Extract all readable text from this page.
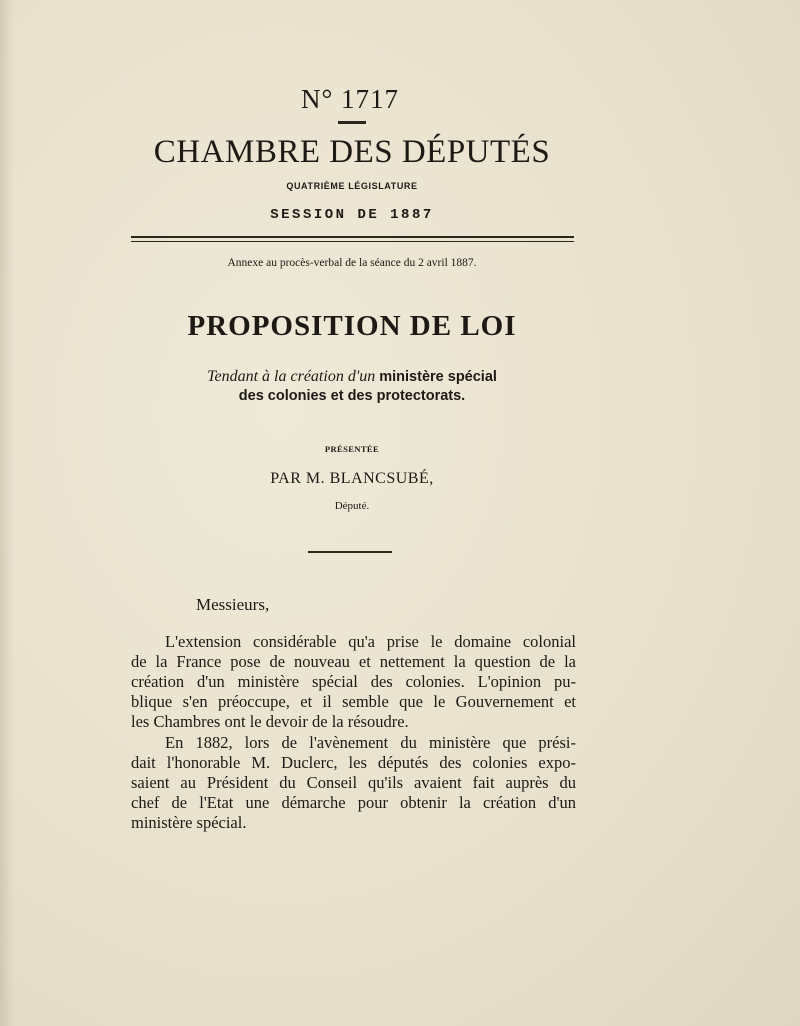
N° 1717
CHAMBRE DES DÉPUTÉS
QUATRIÈME LÉGISLATURE
SESSION DE 1887
Annexe au procès-verbal de la séance du 2 avril 1887.
PROPOSITION DE LOI
Tendant à la création d'un ministère spécial
des colonies et des protectorats.
PRÉSENTÉE
PAR M. BLANCSUBÉ,
Député.
Messieurs,
L'extension considérable qu'a prise le domaine colonial
de la France pose de nouveau et nettement la question de la
création d'un ministère spécial des colonies. L'opinion pu-
blique s'en préoccupe, et il semble que le Gouvernement et
les Chambres ont le devoir de la résoudre.
En 1882, lors de l'avènement du ministère que prési-
dait l'honorable M. Duclerc, les députés des colonies expo-
saient au Président du Conseil qu'ils avaient fait auprès du
chef de l'Etat une démarche pour obtenir la création d'un
ministère spécial.
